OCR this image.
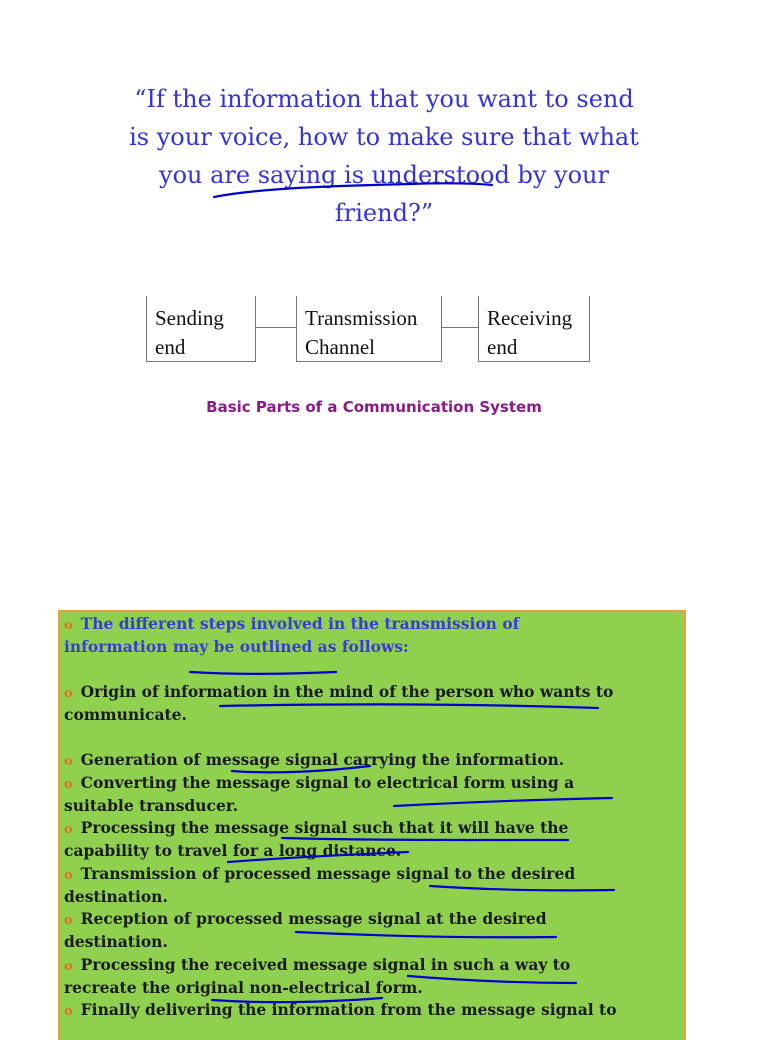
“If the information that you want to send
is your voice, how to make sure that what
you are saying is understood by your
friend?”
Sending
end
Transmission
Channel
Receiving
end
Basic Parts of a Communication System
o The different steps involved in the transmission of
information may be outlined as follows:
o Origin of information in the mind of the person who wants to
communicate.
o Generation of message signal carrying the information.
o Converting the message signal to electrical form using a
suitable transducer.
o Processing the message signal such that it will have the
capability to travel for a long distance.
o Transmission of processed message signal to the desired
destination.
o Reception of processed message signal at the desired
destination.
o Processing the received message signal in such a way to
recreate the original non-electrical form.
o Finally delivering the information from the message signal to
